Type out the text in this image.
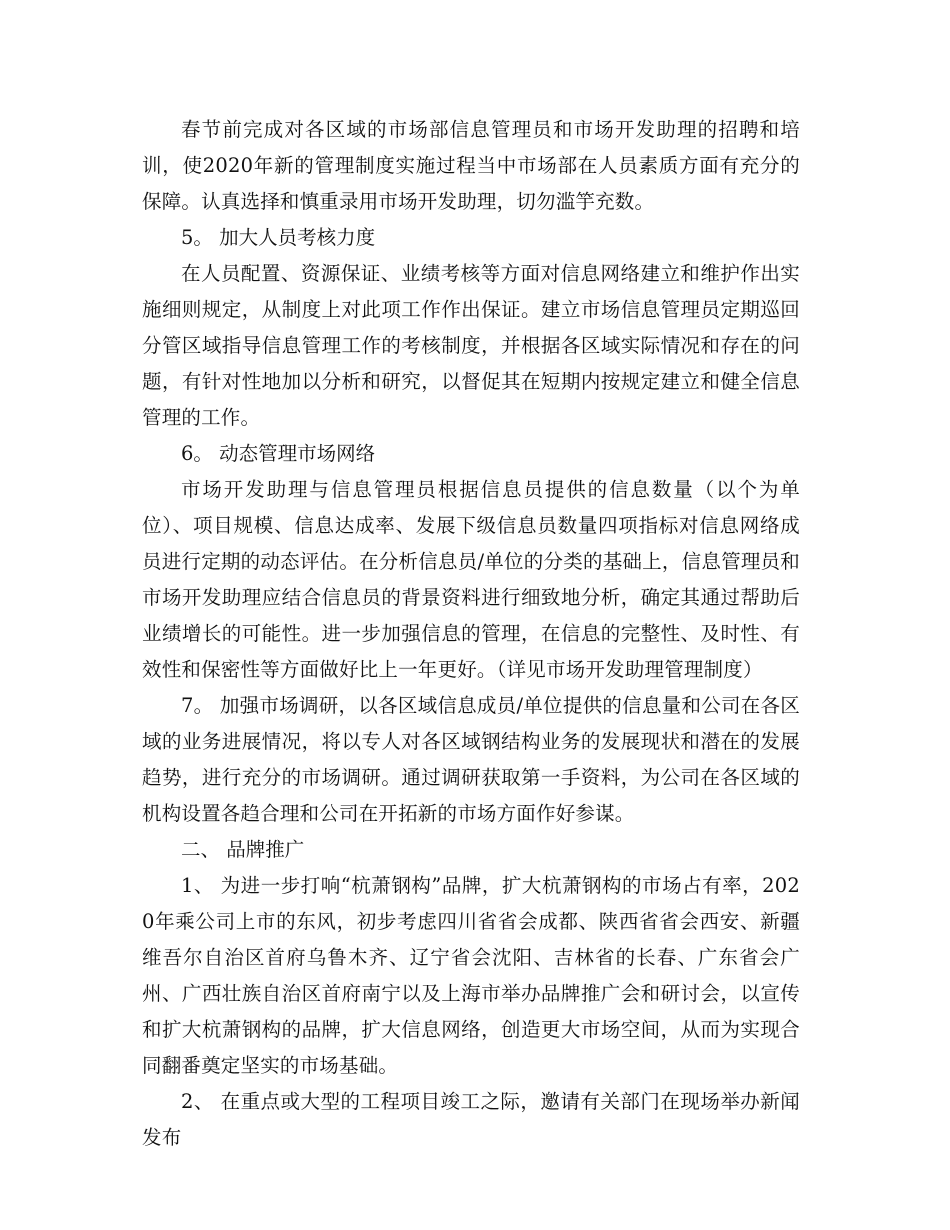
春节前完成对各区域的市场部信息管理员和市场开发助理的招聘和培训，使2020年新的管理制度实施过程当中市场部在人员素质方面有充分的保障。认真选择和慎重录用市场开发助理，切勿滥竽充数。

5。 加大人员考核力度

在人员配置、资源保证、业绩考核等方面对信息网络建立和维护作出实施细则规定，从制度上对此项工作作出保证。建立市场信息管理员定期巡回分管区域指导信息管理工作的考核制度，并根据各区域实际情况和存在的问题，有针对性地加以分析和研究，以督促其在短期内按规定建立和健全信息管理的工作。

6。 动态管理市场网络

市场开发助理与信息管理员根据信息员提供的信息数量（以个为单位）、项目规模、信息达成率、发展下级信息员数量四项指标对信息网络成员进行定期的动态评估。在分析信息员/单位的分类的基础上，信息管理员和市场开发助理应结合信息员的背景资料进行细致地分析，确定其通过帮助后业绩增长的可能性。进一步加强信息的管理，在信息的完整性、及时性、有效性和保密性等方面做好比上一年更好。（详见市场开发助理管理制度）

7。 加强市场调研，以各区域信息成员/单位提供的信息量和公司在各区域的业务进展情况，将以专人对各区域钢结构业务的发展现状和潜在的发展趋势，进行充分的市场调研。通过调研获取第一手资料，为公司在各区域的机构设置各趋合理和公司在开拓新的市场方面作好参谋。

二、 品牌推广

1、 为进一步打响“杭萧钢构”品牌，扩大杭萧钢构的市场占有率，2020年乘公司上市的东风，初步考虑四川省省会成都、陕西省省会西安、新疆维吾尔自治区首府乌鲁木齐、辽宁省会沈阳、吉林省的长春、广东省会广州、广西壮族自治区首府南宁以及上海市举办品牌推广会和研讨会，以宣传和扩大杭萧钢构的品牌，扩大信息网络，创造更大市场空间，从而为实现合同翻番奠定坚实的市场基础。

2、 在重点或大型的工程项目竣工之际，邀请有关部门在现场举办新闻发布
